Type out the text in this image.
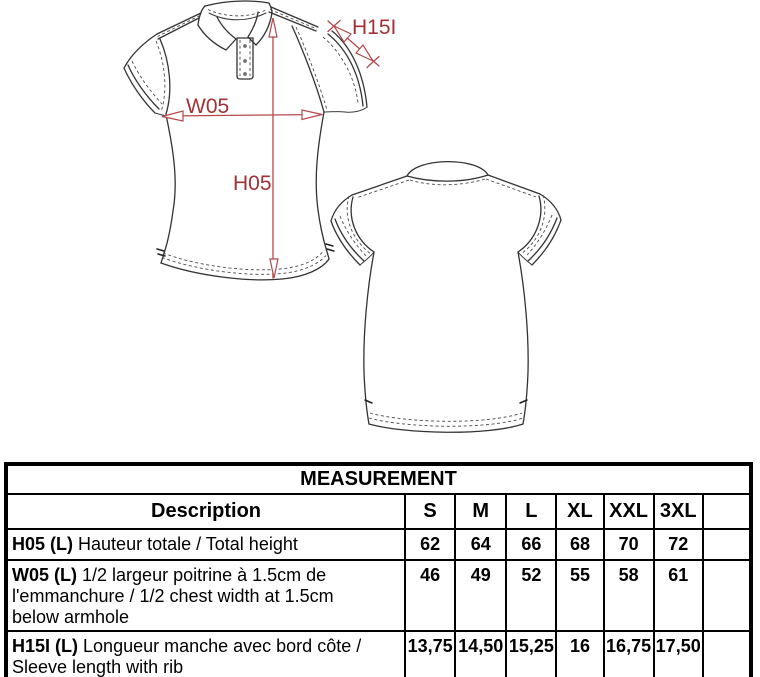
H05
W05
H15I
MEASUREMENT							
Description	S	M	L	XL	XXL	3XL	
H05 (L) Hauteur totale / Total height	62	64	66	68	70	72	
W05 (L) 1/2 largeur poitrine à 1.5cm de l'emmanchure / 1/2 chest width at 1.5cm below armhole	46	49	52	55	58	61	
H15I (L) Longueur manche avec bord côte / Sleeve length with rib	13,75	14,50	15,25	16	16,75	17,50	
